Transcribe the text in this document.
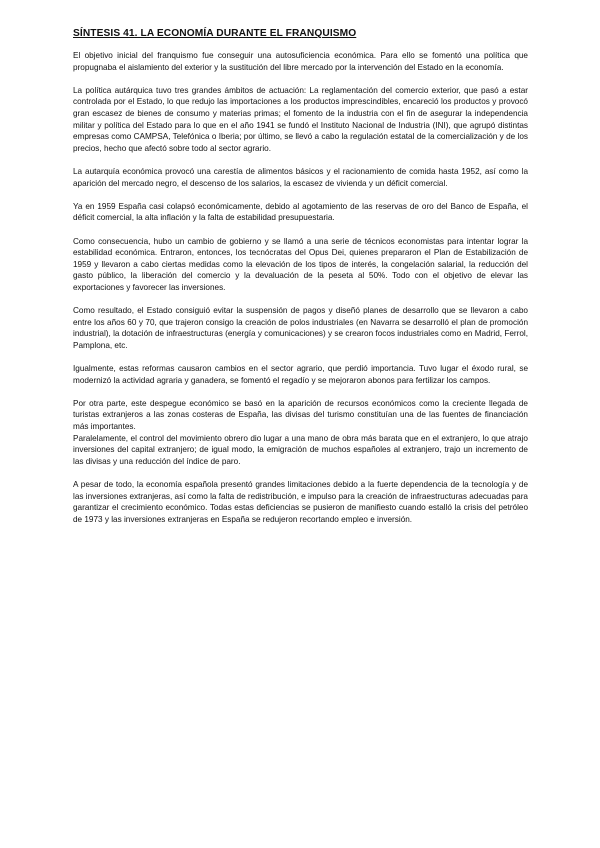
SÍNTESIS 41. LA ECONOMÍA DURANTE EL FRANQUISMO

El objetivo inicial del franquismo fue conseguir una autosuficiencia económica. Para ello se fomentó una política que propugnaba el aislamiento del exterior y la sustitución del libre mercado por la intervención del Estado en la economía.

La política autárquica tuvo tres grandes ámbitos de actuación: La reglamentación del comercio exterior, que pasó a estar controlada por el Estado, lo que redujo las importaciones a los productos imprescindibles, encareció los productos y provocó gran escasez de bienes de consumo y materias primas; el fomento de la industria con el fin de asegurar la independencia militar y política del Estado para lo que en el año 1941 se fundó el Instituto Nacional de Industria (INI), que agrupó distintas empresas como CAMPSA, Telefónica o Iberia; por último, se llevó a cabo la regulación estatal de la comercialización y de los precios, hecho que afectó sobre todo al sector agrario.

La autarquía económica provocó una carestía de alimentos básicos y el racionamiento de comida hasta 1952, así como la aparición del mercado negro, el descenso de los salarios, la escasez de vivienda y un déficit comercial.

Ya en 1959 España casi colapsó económicamente, debido al agotamiento de las reservas de oro del Banco de España, el déficit comercial, la alta inflación y la falta de estabilidad presupuestaria.

Como consecuencia, hubo un cambio de gobierno y se llamó a una serie de técnicos economistas para intentar lograr la estabilidad económica. Entraron, entonces, los tecnócratas del Opus Dei, quienes prepararon el Plan de Estabilización de 1959 y llevaron a cabo ciertas medidas como la elevación de los tipos de interés, la congelación salarial, la reducción del gasto público, la liberación del comercio y la devaluación de la peseta al 50%. Todo con el objetivo de elevar las exportaciones y favorecer las inversiones.

Como resultado, el Estado consiguió evitar la suspensión de pagos y diseñó planes de desarrollo que se llevaron a cabo entre los años 60 y 70, que trajeron consigo la creación de polos industriales (en Navarra se desarrolló el plan de promoción industrial), la dotación de infraestructuras (energía y comunicaciones) y se crearon focos industriales como en Madrid, Ferrol, Pamplona, etc.

Igualmente, estas reformas causaron cambios en el sector agrario, que perdió importancia. Tuvo lugar el éxodo rural, se modernizó la actividad agraria y ganadera, se fomentó el regadío y se mejoraron abonos para fertilizar los campos.

Por otra parte, este despegue económico se basó en la aparición de recursos económicos como la creciente llegada de turistas extranjeros a las zonas costeras de España, las divisas del turismo constituían una de las fuentes de financiación más importantes.

Paralelamente, el control del movimiento obrero dio lugar a una mano de obra más barata que en el extranjero, lo que atrajo inversiones del capital extranjero; de igual modo, la emigración de muchos españoles al extranjero, trajo un incremento de las divisas y una reducción del índice de paro.

A pesar de todo, la economía española presentó grandes limitaciones debido a la fuerte dependencia de la tecnología y de las inversiones extranjeras, así como la falta de redistribución, e impulso para la creación de infraestructuras adecuadas para garantizar el crecimiento económico. Todas estas deficiencias se pusieron de manifiesto cuando estalló la crisis del petróleo de 1973 y las inversiones extranjeras en España se redujeron recortando empleo e inversión.
